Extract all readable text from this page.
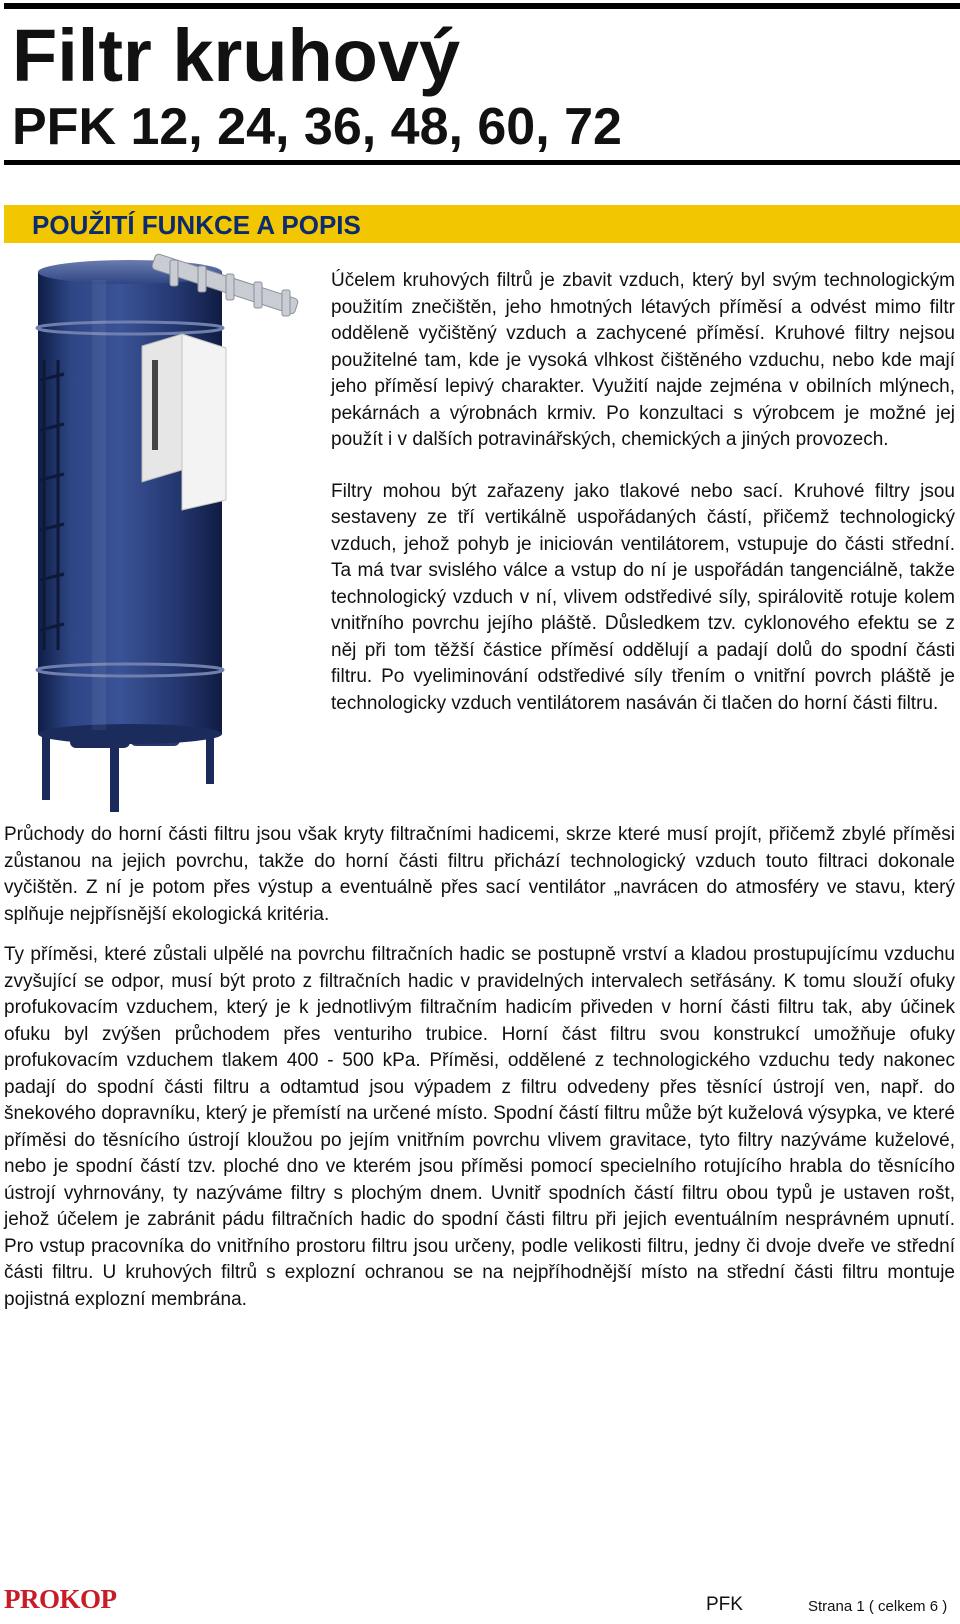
Filtr kruhový
PFK 12, 24, 36, 48, 60, 72
POUŽITÍ FUNKCE A POPIS

Účelem kruhových filtrů je zbavit vzduch, který byl svým technologickým použitím znečištěn, jeho hmotných létavých příměsí a odvést mimo filtr odděleně vyčištěný vzduch a zachycené příměsí. Kruhové filtry nejsou použitelné tam, kde je vysoká vlhkost čištěného vzduchu, nebo kde mají jeho příměsí lepivý charakter. Využití najde zejména v obilních mlýnech, pekárnách a výrobnách krmiv. Po konzultaci s výrobcem je možné jej použít i v dalších potravinářských, chemických a jiných provozech.

Filtry mohou být zařazeny jako tlakové nebo sací. Kruhové filtry jsou sestaveny ze tří vertikálně uspořádaných částí, přičemž technologický vzduch, jehož pohyb je iniciován ventilátorem, vstupuje do části střední. Ta má tvar svislého válce a vstup do ní je uspořádán tangenciálně, takže technologický vzduch v ní, vlivem odstředivé síly, spirálovitě rotuje kolem vnitřního povrchu jejího pláště. Důsledkem tzv. cyklonového efektu se z něj při tom těžší částice příměsí oddělují a padají dolů do spodní části filtru. Po vyeliminování odstředivé síly třením o vnitřní povrch pláště je technologicky vzduch ventilátorem nasáván či tlačen do horní části filtru.

Průchody do horní části filtru jsou však kryty filtračními hadicemi, skrze které musí projít, přičemž zbylé příměsi zůstanou na jejich povrchu, takže do horní části filtru přichází technologický vzduch touto filtraci dokonale vyčištěn. Z ní je potom přes výstup a eventuálně přes sací ventilátor „navrácen do atmosféry ve stavu, který splňuje nejpřísnější ekologická kritéria.

Ty příměsi, které zůstali ulpělé na povrchu filtračních hadic se postupně vrství a kladou prostupujícímu vzduchu zvyšující se odpor, musí být proto z filtračních hadic v pravidelných intervalech setřásány. K tomu slouží ofuky profukovacím vzduchem, který je k jednotlivým filtračním hadicím přiveden v horní části filtru tak, aby účinek ofuku byl zvýšen průchodem přes venturiho trubice. Horní část filtru svou konstrukcí umožňuje ofuky profukovacím vzduchem tlakem 400 - 500 kPa. Příměsi, oddělené z technologického vzduchu tedy nakonec padají do spodní části filtru a odtamtud jsou výpadem z filtru odvedeny přes těsnící ústrojí ven, např. do šnekového dopravníku, který je přemístí na určené místo. Spodní částí filtru může být kuželová výsypka, ve které příměsi do těsnícího ústrojí kloužou po jejím vnitřním povrchu vlivem gravitace, tyto filtry nazýváme kuželové, nebo je spodní částí tzv. ploché dno ve kterém jsou příměsi pomocí specielního rotujícího hrabla do těsnícího ústrojí vyhrnovány, ty nazýváme filtry s plochým dnem. Uvnitř spodních částí filtru obou typů je ustaven rošt, jehož účelem je zabránit pádu filtračních hadic do spodní části filtru při jejich eventuálním nesprávném upnutí. Pro vstup pracovníka do vnitřního prostoru filtru jsou určeny, podle velikosti filtru, jedny či dvoje dveře ve střední části filtru. U kruhových filtrů s explozní ochranou se na nejpříhodnější místo na střední části filtru montuje pojistná explozní membrána.

PROKOP	PFK	Strana 1 ( celkem 6 )
